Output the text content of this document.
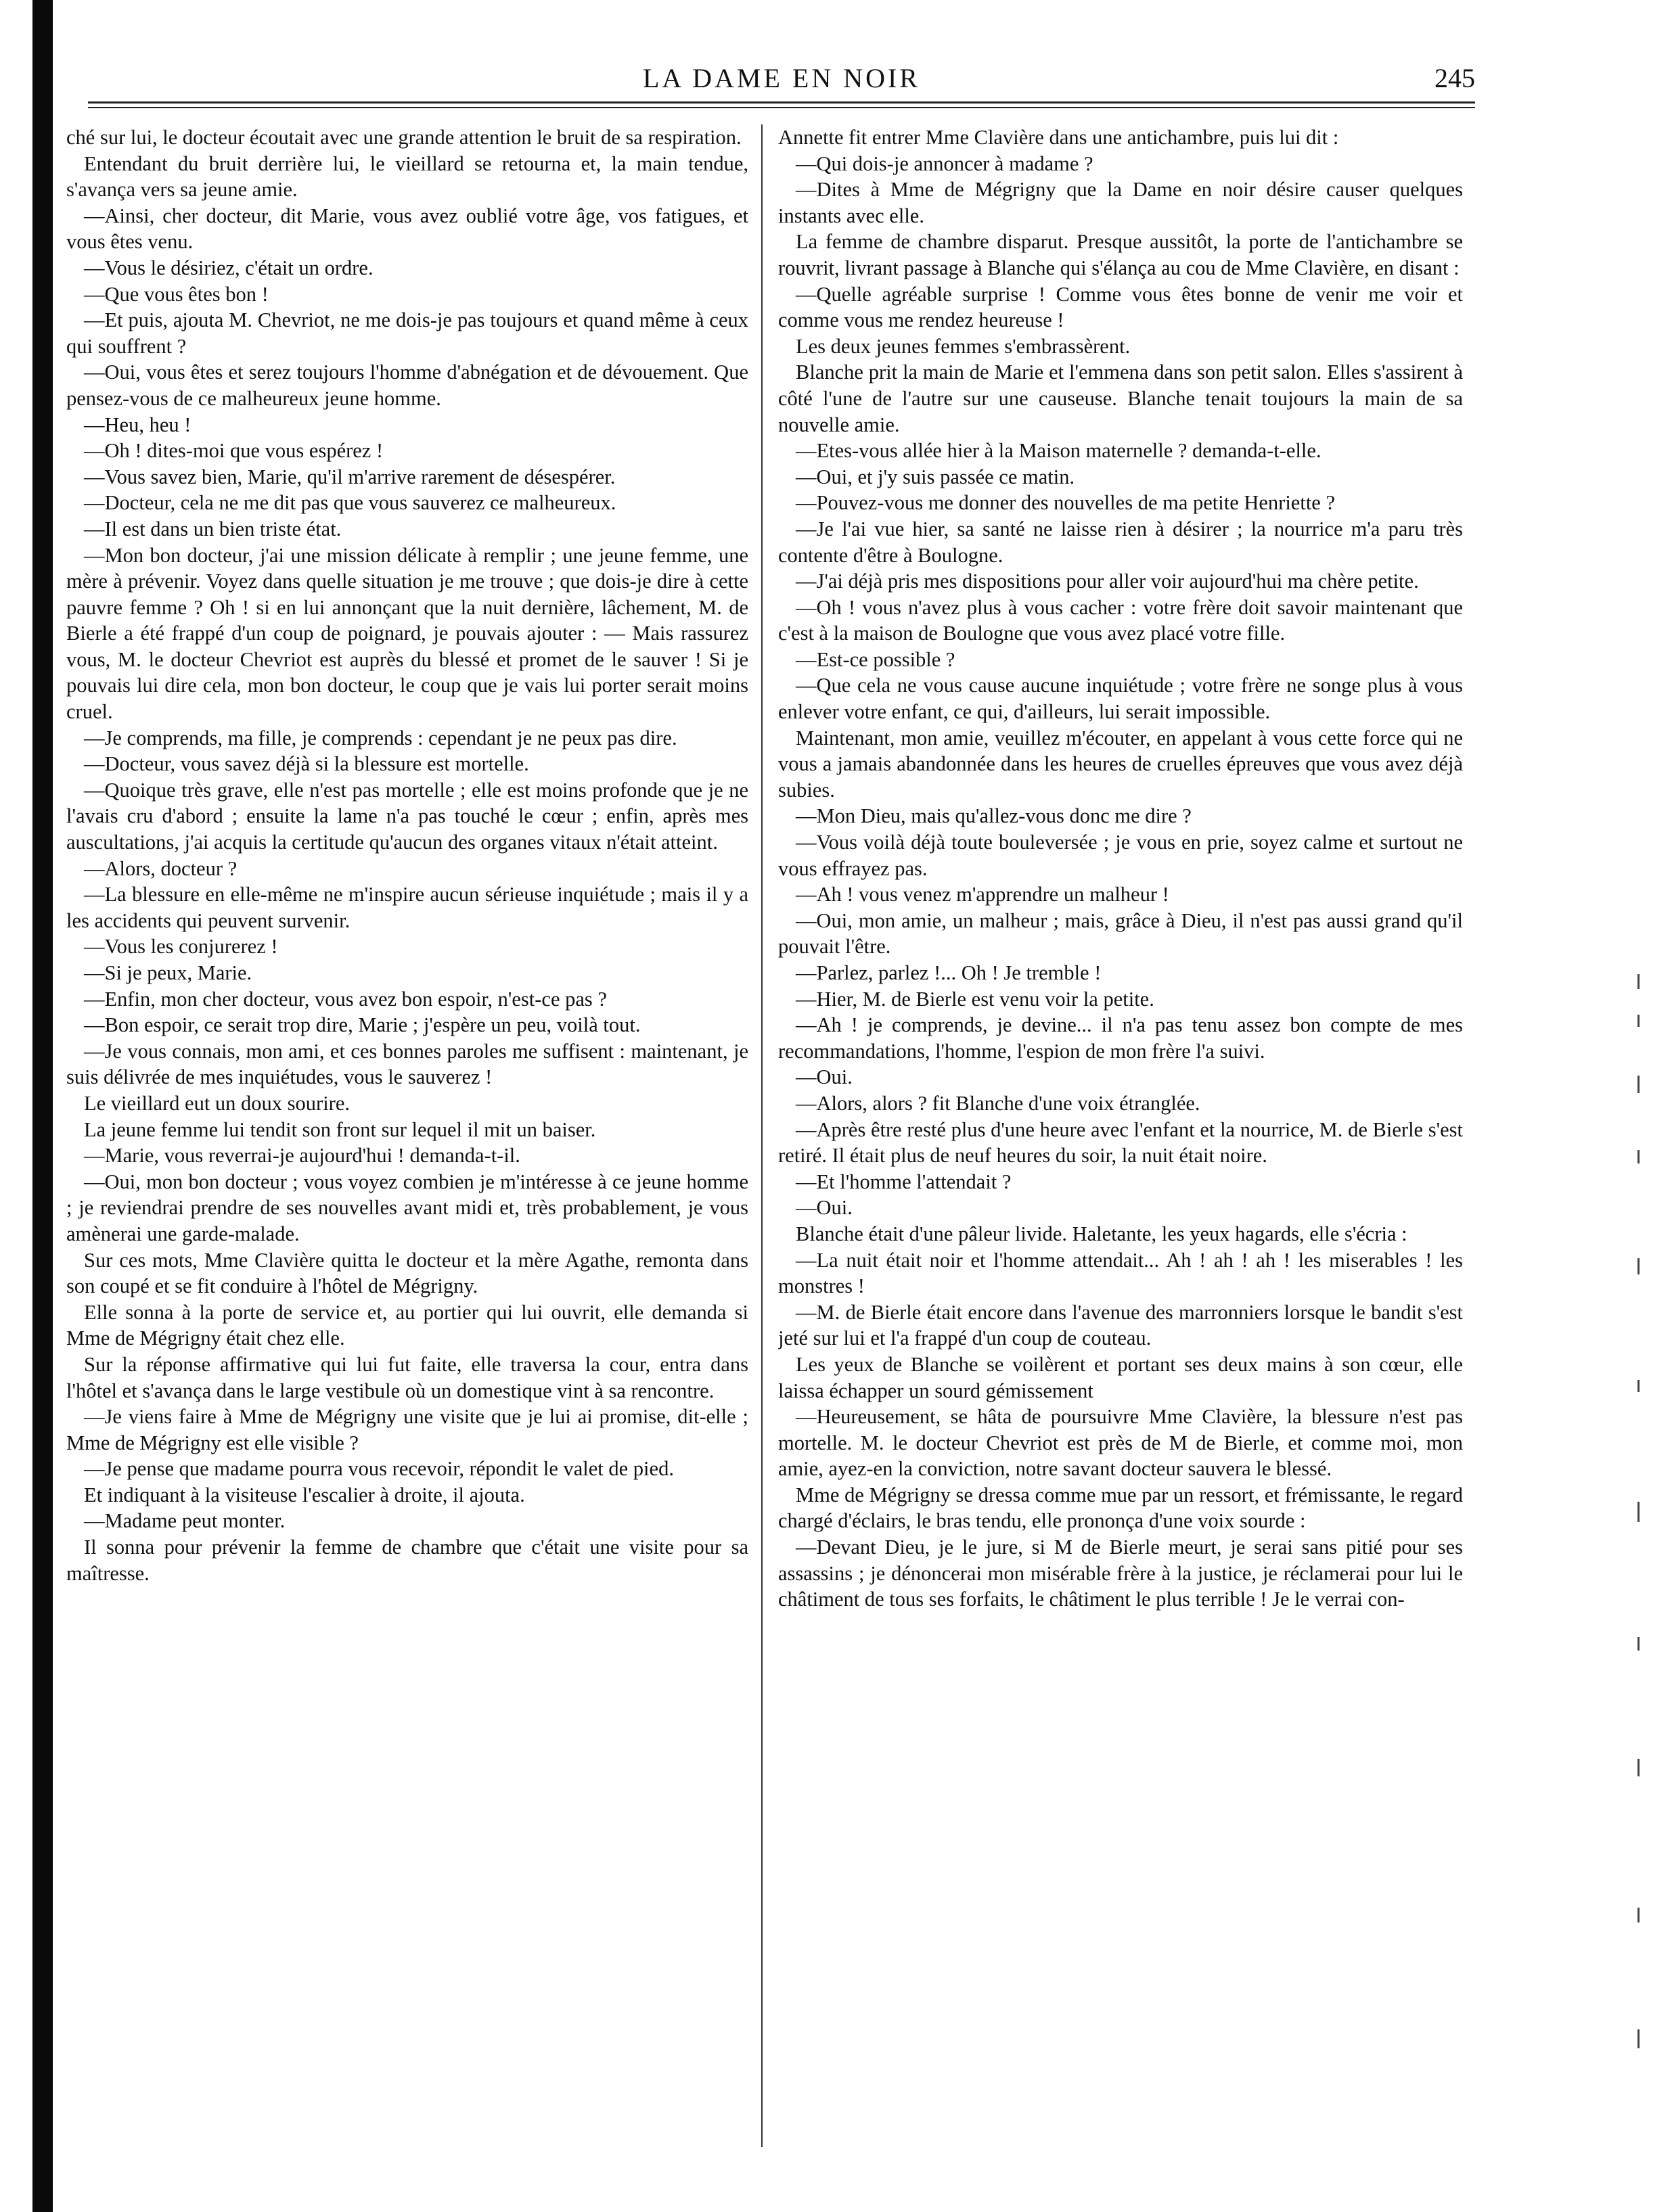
LA DAME EN NOIR	245

ché sur lui, le docteur écoutait avec une grande attention le bruit de sa respiration.

Entendant du bruit derrière lui, le vieillard se retourna et, la main tendue, s'avança vers sa jeune amie.

—Ainsi, cher docteur, dit Marie, vous avez oublié votre âge, vos fatigues, et vous êtes venu.

—Vous le désiriez, c'était un ordre.

—Que vous êtes bon !

—Et puis, ajouta M. Chevriot, ne me dois-je pas toujours et quand même à ceux qui souffrent ?

—Oui, vous êtes et serez toujours l'homme d'abnégation et de dévouement. Que pensez-vous de ce malheureux jeune homme.

—Heu, heu !

—Oh ! dites-moi que vous espérez !

—Vous savez bien, Marie, qu'il m'arrive rarement de désespérer.

—Docteur, cela ne me dit pas que vous sauverez ce malheureux.

—Il est dans un bien triste état.

—Mon bon docteur, j'ai une mission délicate à remplir ; une jeune femme, une mère à prévenir. Voyez dans quelle situation je me trouve ; que dois-je dire à cette pauvre femme ? Oh ! si en lui annonçant que la nuit dernière, lâchement, M. de Bierle a été frappé d'un coup de poignard, je pouvais ajouter : — Mais rassurez vous, M. le docteur Chevriot est auprès du blessé et promet de le sauver ! Si je pouvais lui dire cela, mon bon docteur, le coup que je vais lui porter serait moins cruel.

—Je comprends, ma fille, je comprends : cependant je ne peux pas dire.

—Docteur, vous savez déjà si la blessure est mortelle.

—Quoique très grave, elle n'est pas mortelle ; elle est moins profonde que je ne l'avais cru d'abord ; ensuite la lame n'a pas touché le cœur ; enfin, après mes auscultations, j'ai acquis la certitude qu'aucun des organes vitaux n'était atteint.

—Alors, docteur ?

—La blessure en elle-même ne m'inspire aucun sérieuse inquiétude ; mais il y a les accidents qui peuvent survenir.

—Vous les conjurerez !

—Si je peux, Marie.

—Enfin, mon cher docteur, vous avez bon espoir, n'est-ce pas ?

—Bon espoir, ce serait trop dire, Marie ; j'espère un peu, voilà tout.

—Je vous connais, mon ami, et ces bonnes paroles me suffisent : maintenant, je suis délivrée de mes inquiétudes, vous le sauverez !

Le vieillard eut un doux sourire.

La jeune femme lui tendit son front sur lequel il mit un baiser.

—Marie, vous reverrai-je aujourd'hui ! demanda-t-il.

—Oui, mon bon docteur ; vous voyez combien je m'intéresse à ce jeune homme ; je reviendrai prendre de ses nouvelles avant midi et, très probablement, je vous amènerai une garde-malade.

Sur ces mots, Mme Clavière quitta le docteur et la mère Agathe, remonta dans son coupé et se fit conduire à l'hôtel de Mégrigny.

Elle sonna à la porte de service et, au portier qui lui ouvrit, elle demanda si Mme de Mégrigny était chez elle.

Sur la réponse affirmative qui lui fut faite, elle traversa la cour, entra dans l'hôtel et s'avança dans le large vestibule où un domestique vint à sa rencontre.

—Je viens faire à Mme de Mégrigny une visite que je lui ai promise, dit-elle ; Mme de Mégrigny est elle visible ?

—Je pense que madame pourra vous recevoir, répondit le valet de pied.

Et indiquant à la visiteuse l'escalier à droite, il ajouta.

—Madame peut monter.

Il sonna pour prévenir la femme de chambre que c'était une visite pour sa maîtresse.

Annette fit entrer Mme Clavière dans une antichambre, puis lui dit :

—Qui dois-je annoncer à madame ?

—Dites à Mme de Mégrigny que la Dame en noir désire causer quelques instants avec elle.

La femme de chambre disparut. Presque aussitôt, la porte de l'antichambre se rouvrit, livrant passage à Blanche qui s'élança au cou de Mme Clavière, en disant :

—Quelle agréable surprise ! Comme vous êtes bonne de venir me voir et comme vous me rendez heureuse !

Les deux jeunes femmes s'embrassèrent.

Blanche prit la main de Marie et l'emmena dans son petit salon. Elles s'assirent à côté l'une de l'autre sur une causeuse. Blanche tenait toujours la main de sa nouvelle amie.

—Etes-vous allée hier à la Maison maternelle ? demanda-t-elle.

—Oui, et j'y suis passée ce matin.

—Pouvez-vous me donner des nouvelles de ma petite Henriette ?

—Je l'ai vue hier, sa santé ne laisse rien à désirer ; la nourrice m'a paru très contente d'être à Boulogne.

—J'ai déjà pris mes dispositions pour aller voir aujourd'hui ma chère petite.

—Oh ! vous n'avez plus à vous cacher : votre frère doit savoir maintenant que c'est à la maison de Boulogne que vous avez placé votre fille.

—Est-ce possible ?

—Que cela ne vous cause aucune inquiétude ; votre frère ne songe plus à vous enlever votre enfant, ce qui, d'ailleurs, lui serait impossible.

Maintenant, mon amie, veuillez m'écouter, en appelant à vous cette force qui ne vous a jamais abandonnée dans les heures de cruelles épreuves que vous avez déjà subies.

—Mon Dieu, mais qu'allez-vous donc me dire ?

—Vous voilà déjà toute bouleversée ; je vous en prie, soyez calme et surtout ne vous effrayez pas.

—Ah ! vous venez m'apprendre un malheur !

—Oui, mon amie, un malheur ; mais, grâce à Dieu, il n'est pas aussi grand qu'il pouvait l'être.

—Parlez, parlez !... Oh ! Je tremble !

—Hier, M. de Bierle est venu voir la petite.

—Ah ! je comprends, je devine... il n'a pas tenu assez bon compte de mes recommandations, l'homme, l'espion de mon frère l'a suivi.

—Oui.

—Alors, alors ? fit Blanche d'une voix étranglée.

—Après être resté plus d'une heure avec l'enfant et la nourrice, M. de Bierle s'est retiré. Il était plus de neuf heures du soir, la nuit était noire.

—Et l'homme l'attendait ?

—Oui.

Blanche était d'une pâleur livide. Haletante, les yeux hagards, elle s'écria :

—La nuit était noir et l'homme attendait... Ah ! ah ! ah ! les miserables ! les monstres !

—M. de Bierle était encore dans l'avenue des marronniers lorsque le bandit s'est jeté sur lui et l'a frappé d'un coup de couteau.

Les yeux de Blanche se voilèrent et portant ses deux mains à son cœur, elle laissa échapper un sourd gémissement

—Heureusement, se hâta de poursuivre Mme Clavière, la blessure n'est pas mortelle. M. le docteur Chevriot est près de M de Bierle, et comme moi, mon amie, ayez-en la conviction, notre savant docteur sauvera le blessé.

Mme de Mégrigny se dressa comme mue par un ressort, et frémissante, le regard chargé d'éclairs, le bras tendu, elle prononça d'une voix sourde :

—Devant Dieu, je le jure, si M de Bierle meurt, je serai sans pitié pour ses assassins ; je dénoncerai mon misérable frère à la justice, je réclamerai pour lui le châtiment de tous ses forfaits, le châtiment le plus terrible ! Je le verrai con-
